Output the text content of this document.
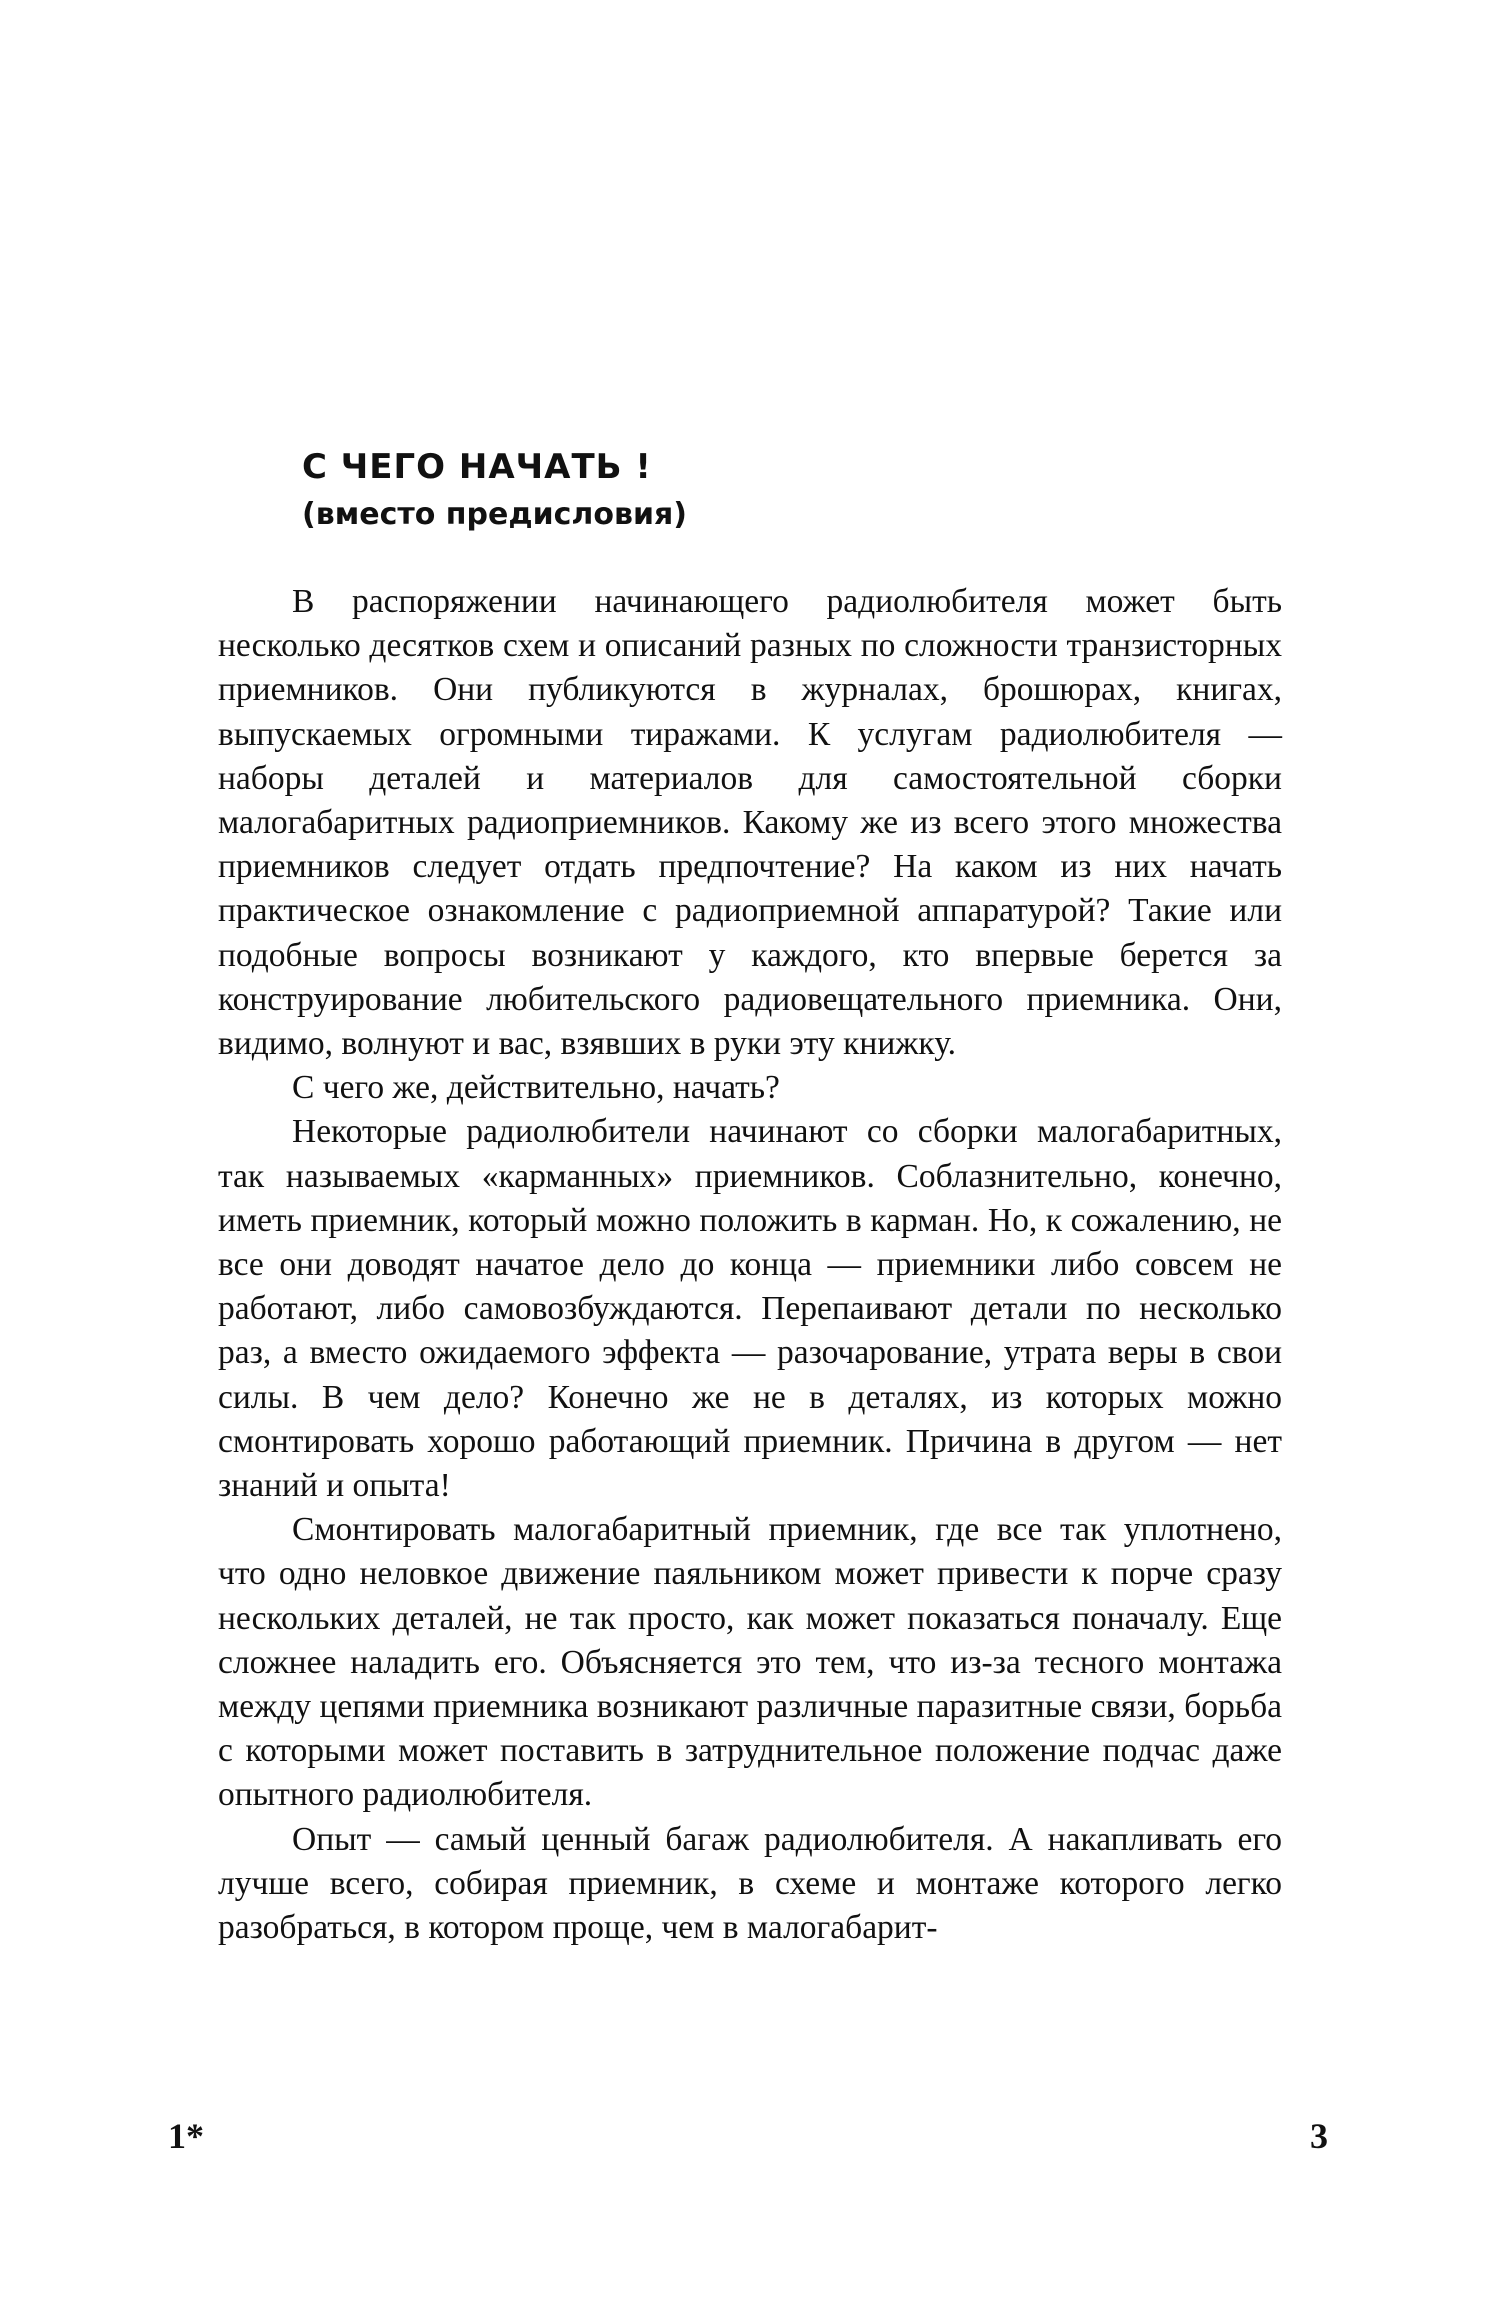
С ЧЕГО НАЧАТЬ !
(вместо предисловия)

В распоряжении начинающего радиолюбителя может быть несколько десятков схем и описаний разных по сложности транзисторных приемников. Они публикуются в журналах, брошюрах, книгах, выпускаемых огромными тиражами. К услугам радиолюбителя — наборы деталей и материалов для самостоятельной сборки малогабаритных радиоприемников. Какому же из всего этого множества приемников следует отдать предпочтение? На каком из них начать практическое ознакомление с радиоприемной аппаратурой? Такие или подобные вопросы возникают у каждого, кто впервые берется за конструирование любительского радиовещательного приемника. Они, видимо, волнуют и вас, взявших в руки эту книжку.

С чего же, действительно, начать?

Некоторые радиолюбители начинают со сборки малогабаритных, так называемых «карманных» приемников. Соблазнительно, конечно, иметь приемник, который можно положить в карман. Но, к сожалению, не все они доводят начатое дело до конца — приемники либо совсем не работают, либо самовозбуждаются. Перепаивают детали по несколько раз, а вместо ожидаемого эффекта — разочарование, утрата веры в свои силы. В чем дело? Конечно же не в деталях, из которых можно смонтировать хорошо работающий приемник. Причина в другом — нет знаний и опыта!

Смонтировать малогабаритный приемник, где все так уплотнено, что одно неловкое движение паяльником может привести к порче сразу нескольких деталей, не так просто, как может показаться поначалу. Еще сложнее наладить его. Объясняется это тем, что из-за тесного монтажа между цепями приемника возникают различные паразитные связи, борьба с которыми может поставить в затруднительное положение подчас даже опытного радиолюбителя.

Опыт — самый ценный багаж радиолюбителя. А накапливать его лучше всего, собирая приемник, в схеме и монтаже которого легко разобраться, в котором проще, чем в малогабарит-

1*	3
